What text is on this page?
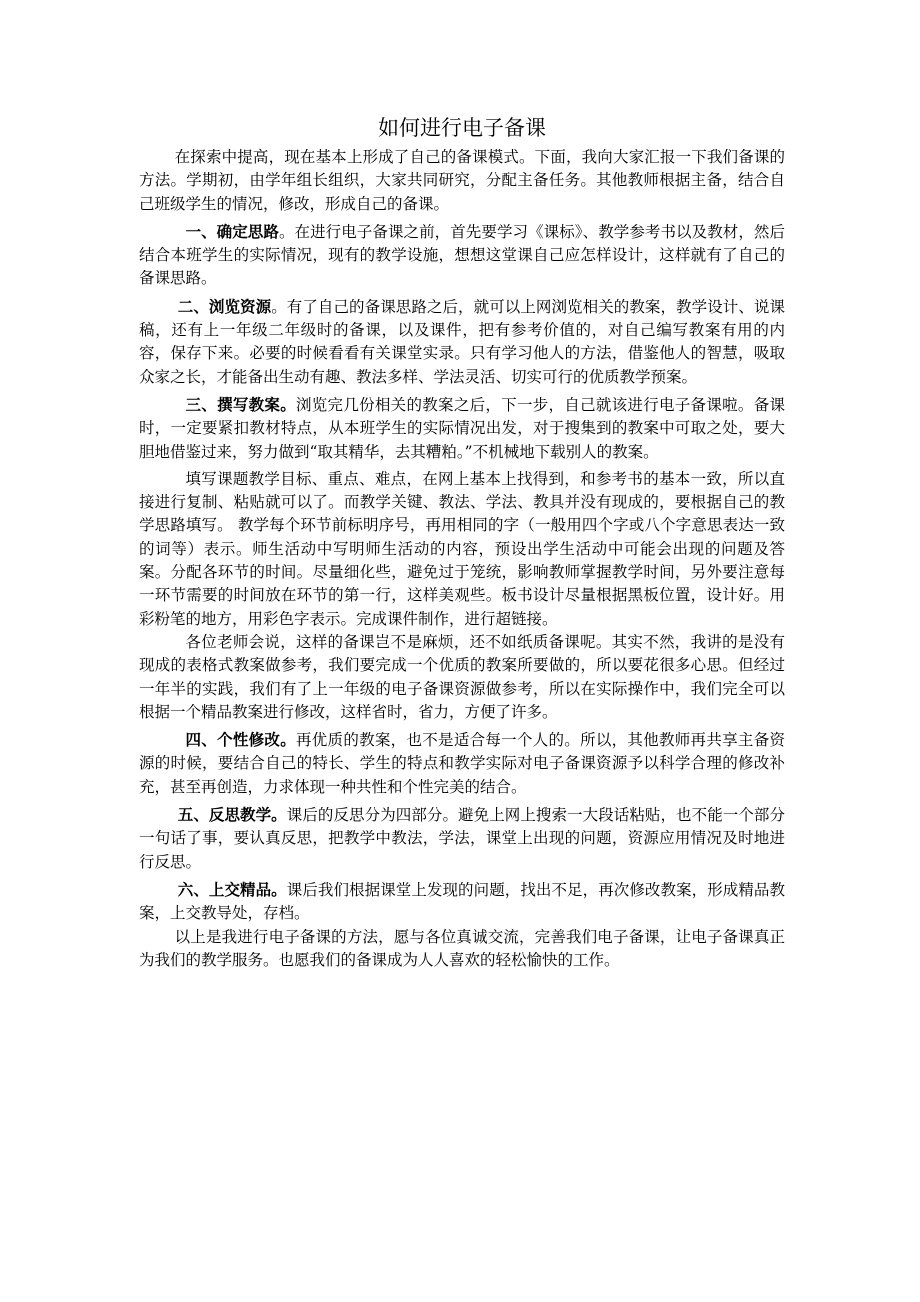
如何进行电子备课

在探索中提高，现在基本上形成了自己的备课模式。下面，我向大家汇报一下我们备课的方法。学期初，由学年组长组织，大家共同研究，分配主备任务。其他教师根据主备，结合自己班级学生的情况，修改，形成自己的备课。

一、确定思路。在进行电子备课之前，首先要学习《课标》、教学参考书以及教材，然后结合本班学生的实际情况，现有的教学设施，想想这堂课自己应怎样设计，这样就有了自己的备课思路。

二、浏览资源。有了自己的备课思路之后，就可以上网浏览相关的教案，教学设计、说课稿，还有上一年级二年级时的备课，以及课件，把有参考价值的，对自己编写教案有用的内容，保存下来。必要的时候看看有关课堂实录。只有学习他人的方法，借鉴他人的智慧，吸取众家之长，才能备出生动有趣、教法多样、学法灵活、切实可行的优质教学预案。

三、撰写教案。浏览完几份相关的教案之后，下一步，自己就该进行电子备课啦。备课时，一定要紧扣教材特点，从本班学生的实际情况出发，对于搜集到的教案中可取之处，要大胆地借鉴过来，努力做到“取其精华，去其糟粕。”不机械地下载别人的教案。

填写课题教学目标、重点、难点，在网上基本上找得到，和参考书的基本一致，所以直接进行复制、粘贴就可以了。而教学关键、教法、学法、教具并没有现成的，要根据自己的教学思路填写。 教学每个环节前标明序号，再用相同的字（一般用四个字或八个字意思表达一致的词等）表示。师生活动中写明师生活动的内容，预设出学生活动中可能会出现的问题及答案。分配各环节的时间。尽量细化些，避免过于笼统，影响教师掌握教学时间，另外要注意每一环节需要的时间放在环节的第一行，这样美观些。板书设计尽量根据黑板位置，设计好。用彩粉笔的地方，用彩色字表示。完成课件制作，进行超链接。

各位老师会说，这样的备课岂不是麻烦，还不如纸质备课呢。其实不然，我讲的是没有现成的表格式教案做参考，我们要完成一个优质的教案所要做的，所以要花很多心思。但经过一年半的实践，我们有了上一年级的电子备课资源做参考，所以在实际操作中，我们完全可以根据一个精品教案进行修改，这样省时，省力，方便了许多。

四、个性修改。再优质的教案，也不是适合每一个人的。所以，其他教师再共享主备资源的时候，要结合自己的特长、学生的特点和教学实际对电子备课资源予以科学合理的修改补充，甚至再创造，力求体现一种共性和个性完美的结合。

五、反思教学。课后的反思分为四部分。避免上网上搜索一大段话粘贴，也不能一个部分一句话了事，要认真反思，把教学中教法，学法，课堂上出现的问题，资源应用情况及时地进行反思。

六、上交精品。课后我们根据课堂上发现的问题，找出不足，再次修改教案，形成精品教案，上交教导处，存档。

以上是我进行电子备课的方法，愿与各位真诚交流，完善我们电子备课，让电子备课真正为我们的教学服务。也愿我们的备课成为人人喜欢的轻松愉快的工作。
